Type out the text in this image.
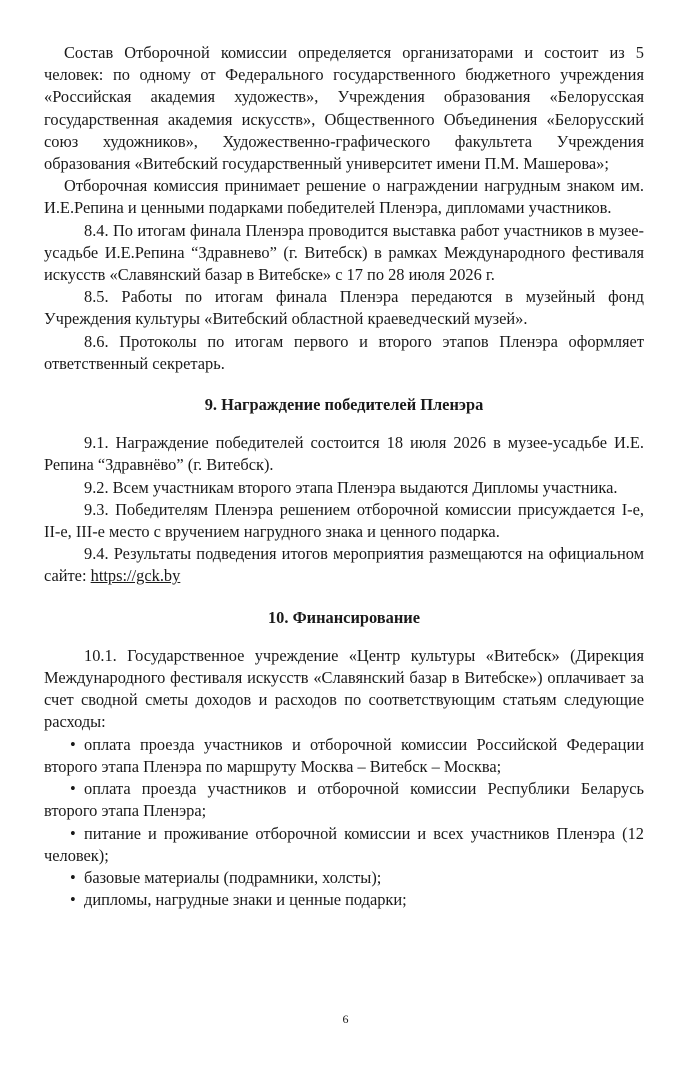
Состав Отборочной комиссии определяется организаторами и состоит из 5 человек: по одному от Федерального государственного бюджетного учреждения «Российская академия художеств», Учреждения образования «Белорусская государственная академия искусств», Общественного Объединения «Белорусский союз художников», Художественно-графического факультета Учреждения образования «Витебский государственный университет имени П.М. Машерова»;

Отборочная комиссия принимает решение о награждении нагрудным знаком им. И.Е.Репина и ценными подарками победителей Пленэра, дипломами участников.

8.4. По итогам финала Пленэра проводится выставка работ участников в музее-усадьбе И.Е.Репина “Здравнево” (г. Витебск) в рамках Международного фестиваля искусств «Славянский базар в Витебске» с 17 по 28 июля 2026 г.

8.5. Работы по итогам финала Пленэра передаются в музейный фонд Учреждения культуры «Витебский областной краеведческий музей».

8.6. Протоколы по итогам первого и второго этапов Пленэра оформляет ответственный секретарь.

9. Награждение победителей Пленэра

9.1. Награждение победителей состоится 18 июля 2026 в музее-усадьбе И.Е. Репина “Здравнёво” (г. Витебск).

9.2. Всем участникам второго этапа Пленэра выдаются Дипломы участника.

9.3. Победителям Пленэра решением отборочной комиссии присуждается I-е, II-е, III-е место с вручением нагрудного знака и ценного подарка.

9.4. Результаты подведения итогов мероприятия размещаются на официальном сайте: https://gck.by

10. Финансирование

10.1. Государственное учреждение «Центр культуры «Витебск» (Дирекция Международного фестиваля искусств «Славянский базар в Витебске») оплачивает за счет сводной сметы доходов и расходов по соответствующим статьям следующие расходы:

• оплата проезда участников и отборочной комиссии Российской Федерации второго этапа Пленэра по маршруту Москва – Витебск – Москва;

• оплата проезда участников и отборочной комиссии Республики Беларусь второго этапа Пленэра;

• питание и проживание отборочной комиссии и всех участников Пленэра (12 человек);

• базовые материалы (подрамники, холсты);

• дипломы, нагрудные знаки и ценные подарки;

6
